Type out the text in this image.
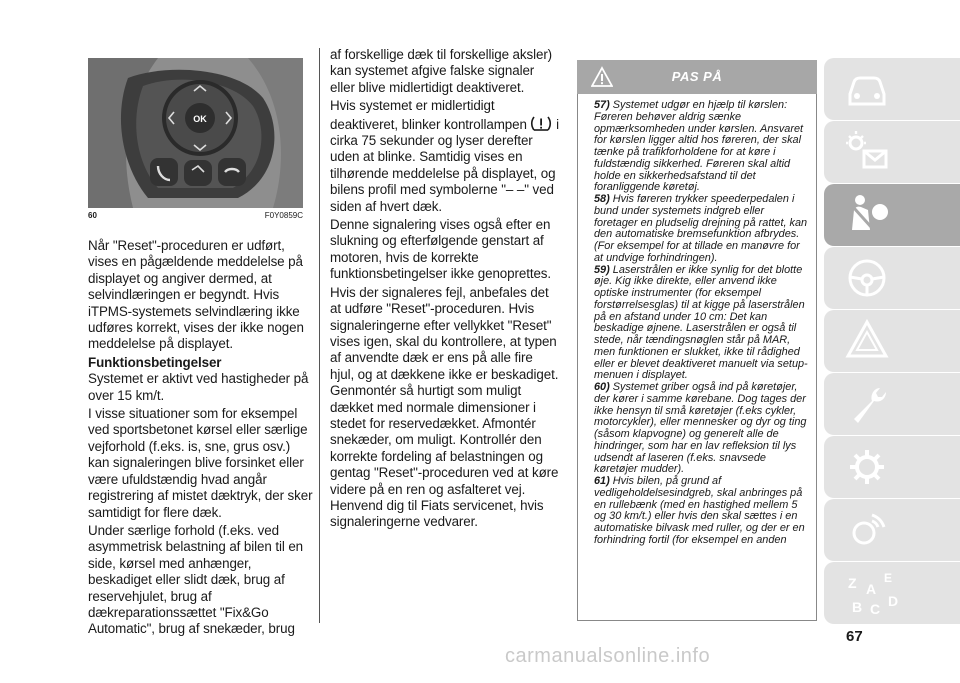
OK
60	F0Y0859C

Når "Reset"-proceduren er udført, vises en pågældende meddelelse på displayet og angiver dermed, at selvindlæringen er begyndt. Hvis iTPMS-systemets selvindlæring ikke udføres korrekt, vises der ikke nogen meddelelse på displayet.

Funktionsbetingelser

Systemet er aktivt ved hastigheder på over 15 km/t.

I visse situationer som for eksempel ved sportsbetonet kørsel eller særlige vejforhold (f.eks. is, sne, grus osv.) kan signaleringen blive forsinket eller være ufuldstændig hvad angår registrering af mistet dæktryk, der sker samtidigt for flere dæk.

Under særlige forhold (f.eks. ved asymmetrisk belastning af bilen til en side, kørsel med anhænger, beskadiget eller slidt dæk, brug af reservehjulet, brug af dækreparationssættet "Fix&Go Automatic", brug af snekæder, brug

af forskellige dæk til forskellige aksler) kan systemet afgive falske signaler eller blive midlertidigt deaktiveret.

Hvis systemet er midlertidigt deaktiveret, blinker kontrollampen i cirka 75 sekunder og lyser derefter uden at blinke. Samtidig vises en tilhørende meddelelse på displayet, og bilens profil med symbolerne "– –" ved siden af hvert dæk.

Denne signalering vises også efter en slukning og efterfølgende genstart af motoren, hvis de korrekte funktionsbetingelser ikke genoprettes.

Hvis der signaleres fejl, anbefales det at udføre "Reset"-proceduren. Hvis signaleringerne efter vellykket "Reset" vises igen, skal du kontrollere, at typen af anvendte dæk er ens på alle fire hjul, og at dækkene ikke er beskadiget. Genmontér så hurtigt som muligt dækket med normale dimensioner i stedet for reservedækket. Afmontér snekæder, om muligt. Kontrollér den korrekte fordeling af belastningen og gentag "Reset"-proceduren ved at køre videre på en ren og asfalteret vej. Henvend dig til Fiats servicenet, hvis signaleringerne vedvarer.

PAS PÅ

57) Systemet udgør en hjælp til kørslen: Føreren behøver aldrig sænke opmærksomheden under kørslen. Ansvaret for kørslen ligger altid hos føreren, der skal tænke på trafikforholdene for at køre i fuldstændig sikkerhed. Føreren skal altid holde en sikkerhedsafstand til det foranliggende køretøj.

58) Hvis føreren trykker speederpedalen i bund under systemets indgreb eller foretager en pludselig drejning på rattet, kan den automatiske bremsefunktion afbrydes. (For eksempel for at tillade en manøvre for at undvige forhindringen).

59) Laserstrålen er ikke synlig for det blotte øje. Kig ikke direkte, eller anvend ikke optiske instrumenter (for eksempel forstørrelsesglas) til at kigge på laserstrålen på en afstand under 10 cm: Det kan beskadige øjnene. Laserstrålen er også til stede, når tændingsnøglen står på MAR, men funktionen er slukket, ikke til rådighed eller er blevet deaktiveret manuelt via setup-menuen i displayet.

60) Systemet griber også ind på køretøjer, der kører i samme kørebane. Dog tages der ikke hensyn til små køretøjer (f.eks cykler, motorcykler), eller mennesker og dyr og ting (såsom klapvogne) og generelt alle de hindringer, som har en lav refleksion til lys udsendt af laseren (f.eks. snavsede køretøjer mudder).

61) Hvis bilen, på grund af vedligeholdelsesindgreb, skal anbringes på en rullebænk (med en hastighed mellem 5 og 30 km/t.) eller hvis den skal sættes i en automatiske bilvask med ruller, og der er en forhindring fortil (for eksempel en anden

Z A
E
B C D
67
carmanualsonline.info
